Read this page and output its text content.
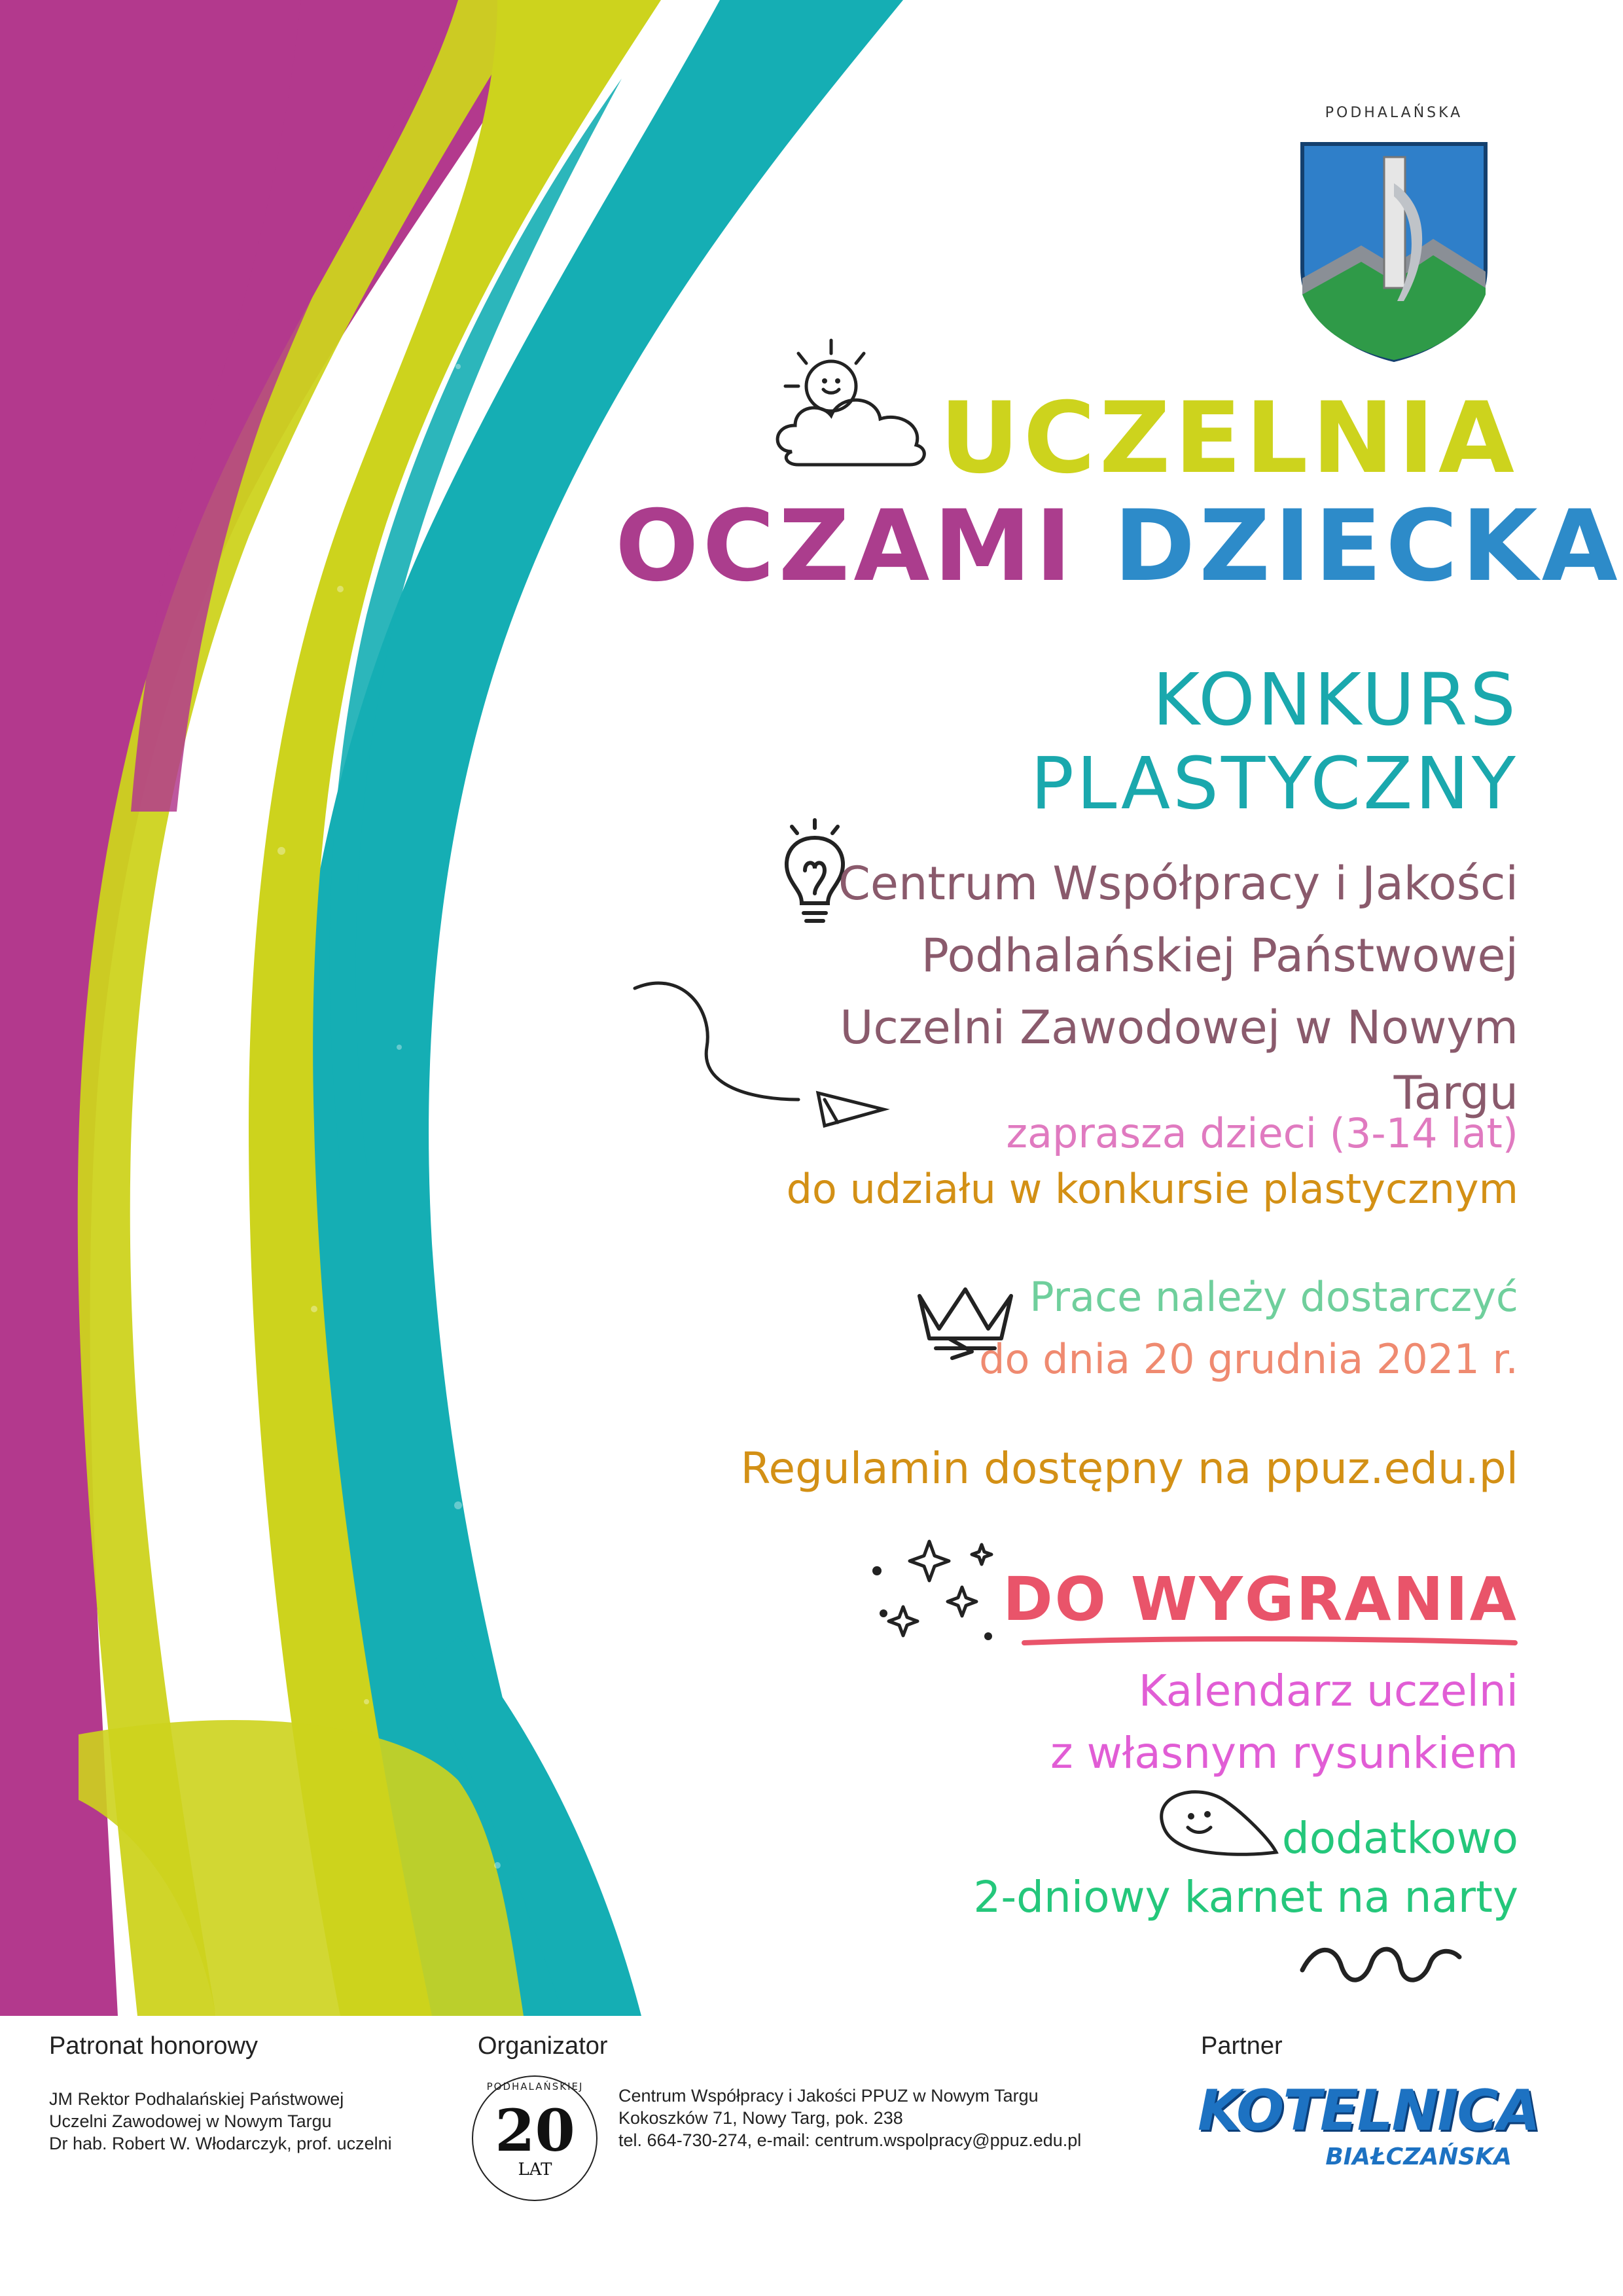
PODHALAŃSKA
UCZELNIA
OCZAMI DZIECKA
KONKURS PLASTYCZNY
Centrum Współpracy i Jakości
Podhalańskiej Państwowej
Uczelni Zawodowej w Nowym Targu
zaprasza dzieci (3-14 lat)
do udziału w konkursie plastycznym
Prace należy dostarczyć
do dnia 20 grudnia 2021 r.
Regulamin dostępny na ppuz.edu.pl
DO WYGRANIA
Kalendarz uczelni
z własnym rysunkiem
dodatkowo
2-dniowy karnet na narty
Patronat honorowy
JM Rektor Podhalańskiej Państwowej
Uczelni Zawodowej w Nowym Targu
Dr hab. Robert W. Włodarczyk, prof. uczelni
Organizator
PODHALAŃSKIEJ
20
LAT
Centrum Współpracy i Jakości PPUZ w Nowym Targu
Kokoszków 71, Nowy Targ, pok. 238
tel. 664-730-274, e-mail: centrum.wspolpracy@ppuz.edu.pl
Partner
KOTELNICA
BIAŁCZAŃSKA
